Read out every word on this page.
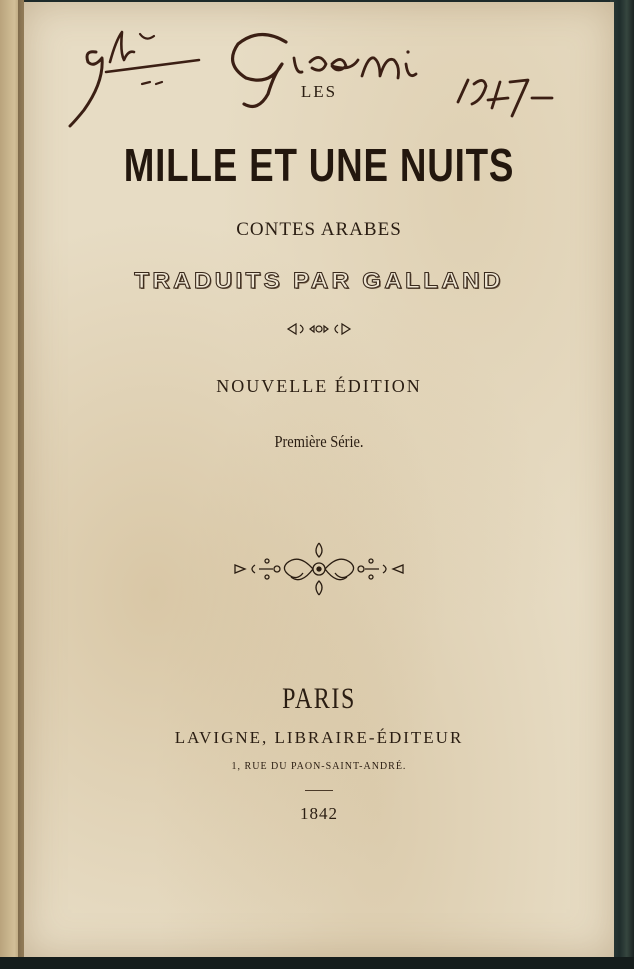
LES
MILLE ET UNE NUITS
CONTES ARABES
TRADUITS PAR GALLAND
NOUVELLE ÉDITION
Première Série.
PARIS
LAVIGNE, LIBRAIRE-ÉDITEUR
1, RUE DU PAON-SAINT-ANDRÉ.
1842
